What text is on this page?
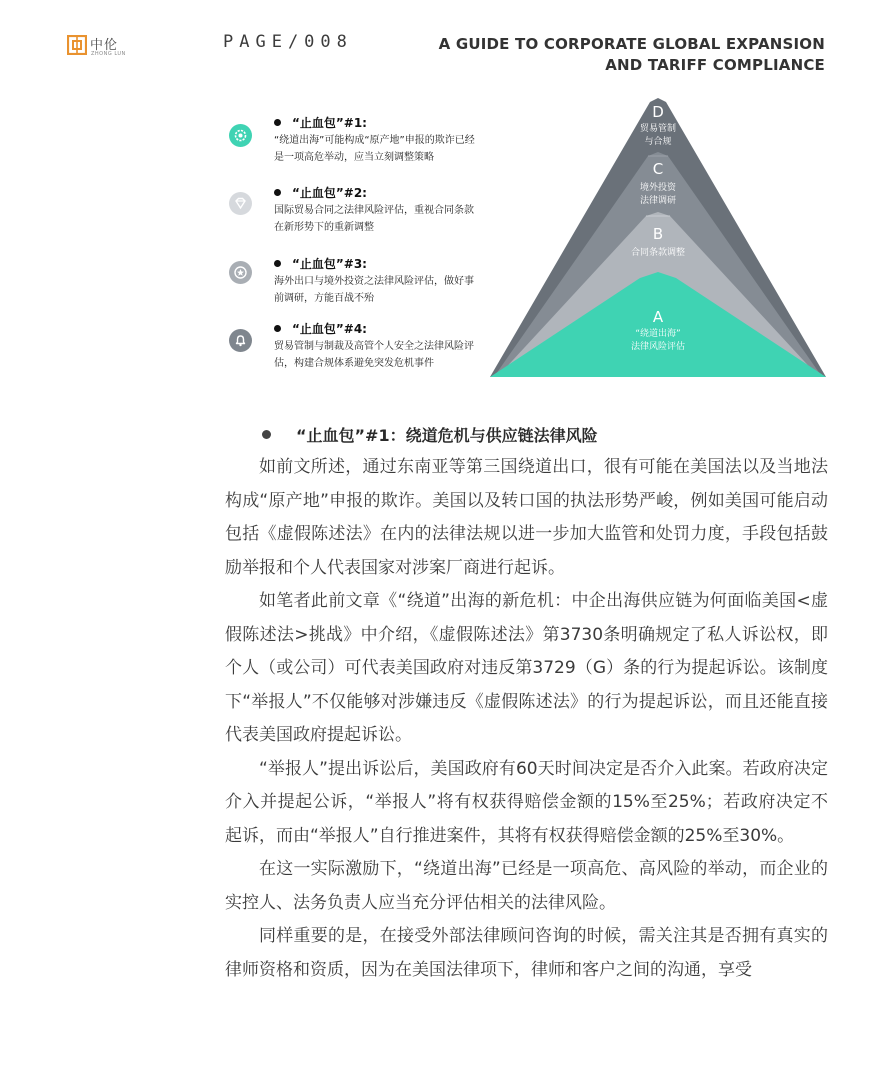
中伦
ZHONG LUN
PAGE/008	A GUIDE TO CORPORATE GLOBAL EXPANSION
AND TARIFF COMPLIANCE
“止血包”#1:
“绕道出海”可能构成“原产地”申报的欺诈已经是一项高危举动，应当立刻调整策略
“止血包”#2:
国际贸易合同之法律风险评估，重视合同条款在新形势下的重新调整
“止血包”#3:
海外出口与境外投资之法律风险评估，做好事前调研，方能百战不殆
“止血包”#4:
贸易管制与制裁及高管个人安全之法律风险评估，构建合规体系避免突发危机事件
D
贸易管制
与合规
C
境外投资
法律调研
B
合同条款调整
A
“绕道出海”
法律风险评估
“止血包”#1：绕道危机与供应链法律风险

如前文所述，通过东南亚等第三国绕道出口，很有可能在美国法以及当地法构成“原产地”申报的欺诈。美国以及转口国的执法形势严峻，例如美国可能启动包括《虚假陈述法》在内的法律法规以进一步加大监管和处罚力度，手段包括鼓励举报和个人代表国家对涉案厂商进行起诉。

如笔者此前文章《“绕道”出海的新危机：中企出海供应链为何面临美国<虚假陈述法>挑战》中介绍，《虚假陈述法》第3730条明确规定了私人诉讼权，即个人（或公司）可代表美国政府对违反第3729（G）条的行为提起诉讼。该制度下“举报人”不仅能够对涉嫌违反《虚假陈述法》的行为提起诉讼，而且还能直接代表美国政府提起诉讼。

“举报人”提出诉讼后，美国政府有60天时间决定是否介入此案。若政府决定介入并提起公诉，“举报人”将有权获得赔偿金额的15%至25%；若政府决定不起诉，而由“举报人”自行推进案件，其将有权获得赔偿金额的25%至30%。

在这一实际激励下，“绕道出海”已经是一项高危、高风险的举动，而企业的实控人、法务负责人应当充分评估相关的法律风险。

同样重要的是，在接受外部法律顾问咨询的时候，需关注其是否拥有真实的律师资格和资质，因为在美国法律项下，律师和客户之间的沟通，享受
